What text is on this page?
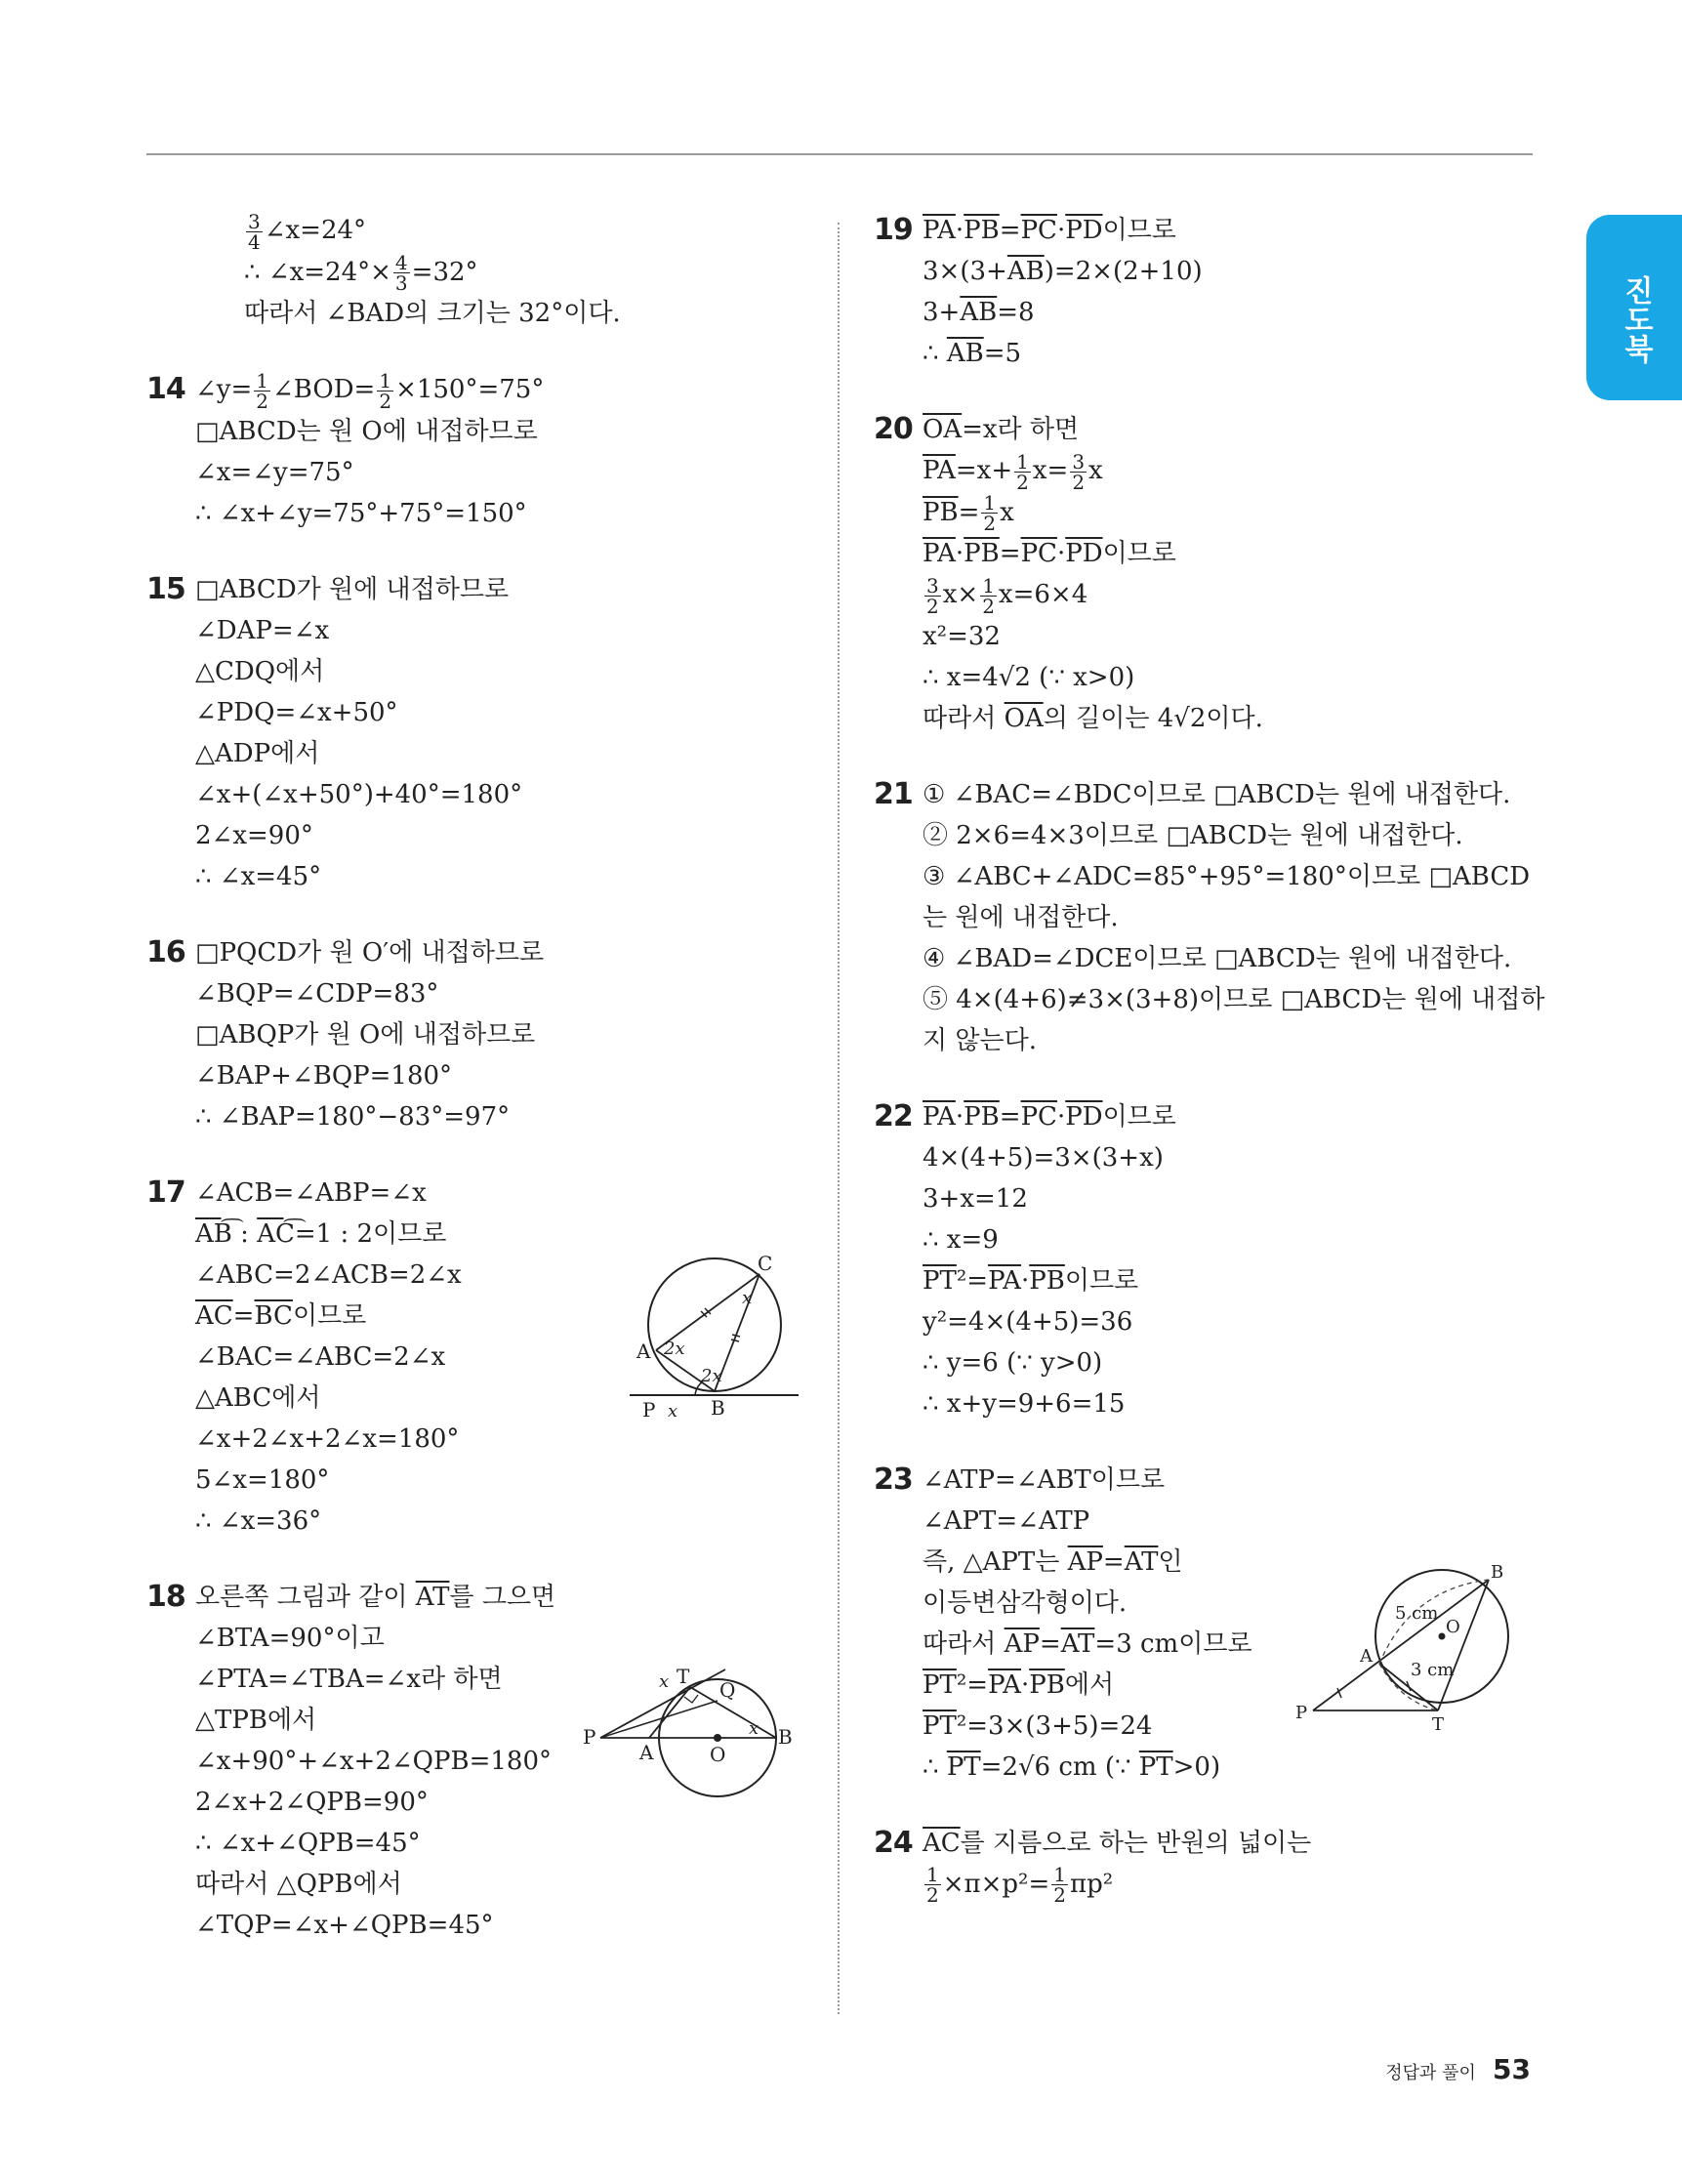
진도북
$\frac{3}{4}$ ∠x=24°
∴ ∠x=24°× $\frac{4}{3} =32^\circ$
따라서 ∠BAD의 크기는 32°이다.
14 ∠y= $\frac{1}{2}$ ∠BOD= $\frac{1}{2} \times 150^\circ=75^\circ$
□ABCD는 원 O에 내접하므로
∠x=∠y=75°
∴ ∠x+∠y=75°+75°=150°
15 □ABCD가 원에 내접하므로
∠DAP=∠x
△CDQ에서
∠PDQ=∠x+50°
△ADP에서
∠x+(∠x+50°)+40°=180°
2∠x=90°
∴ ∠x=45°
16 □PQCD가 원 O′에 내접하므로
∠BQP=∠CDP=83°
□ABQP가 원 O에 내접하므로
∠BAP+∠BQP=180°
∴ ∠BAP=180°−83°=97°
17 ∠ACB=∠ABP=∠x
AB͡ : AC͡=1 : 2이므로
∠ABC=2∠ACB=2∠x
$\overline{AC}=\overline{BC}$이므로
∠BAC=∠ABC=2∠x
△ABC에서
∠x+2∠x+2∠x=180°
5∠x=180°
∴ ∠x=36°
18 오른쪽 그림과 같이 $\overline{AT}$를 그으면
∠BTA=90°이고
∠PTA=∠TBA=∠x라 하면
△TPB에서
∠x+90°+∠x+2∠QPB=180°
2∠x+2∠QPB=90°
∴ ∠x+∠QPB=45°
따라서 △QPB에서
∠TQP=∠x+∠QPB=45°
19 $\overline{PA}\cdot\overline{PB}=\overline{PC}\cdot\overline{PD}$이므로
$3\times(3+\overline{AB})=2\times(2+10)$
$3+\overline{AB}=8$
∴ $\overline{AB}=5$
20 $\overline{OA}=x$라 하면
$\overline{PA}=x+ \frac{1}{2} x= \frac{3}{2}$ x
$\overline{PB}= \frac{1}{2}$ x
$\overline{PA}\cdot\overline{PB}=\overline{PC}\cdot\overline{PD}$이므로
$\frac{3}{2} x\times \frac{1}{2} x=6\times 4$
x²=32
∴ x=4√2 (∵ x>0)
따라서 $\overline{OA}$의 길이는 4√2이다.
21 ① ∠BAC=∠BDC이므로 □ABCD는 원에 내접한다.
② 2×6=4×3이므로 □ABCD는 원에 내접한다.
③ ∠ABC+∠ADC=85°+95°=180°이므로 □ABCD
는 원에 내접한다.
④ ∠BAD=∠DCE이므로 □ABCD는 원에 내접한다.
⑤ 4×(4+6)≠3×(3+8)이므로 □ABCD는 원에 내접하
지 않는다.
22 $\overline{PA}\cdot\overline{PB}=\overline{PC}\cdot\overline{PD}$이므로
4×(4+5)=3×(3+x)
3+x=12
∴ x=9
$\overline{PT}^2=\overline{PA}\cdot\overline{PB}$이므로
y²=4×(4+5)=36
∴ y=6 (∵ y>0)
∴ x+y=9+6=15
23 ∠ATP=∠ABT이므로
∠APT=∠ATP
즉, △APT는 $\overline{AP}=\overline{AT}$인
이등변삼각형이다.
따라서 $\overline{AP}=\overline{AT}=3$ cm이므로
$\overline{PT}^2=\overline{PA}\cdot\overline{PB}$에서
$\overline{PT}^2=3\times(3+5)=24$
∴ $\overline{PT}=2√6$ cm (∵ $\overline{PT}>0$)
24 $\overline{AC}$를 지름으로 하는 반원의 넓이는
$\frac{1}{2} \times\pi\times p^2= \frac{1}{2} \pi p^2$
C
A
P	B
2x
2x
x
x
P
A	O
B
T
Q
x
x
P
A
T
B
O
5 cm
3 cm
정답과 풀이 53
